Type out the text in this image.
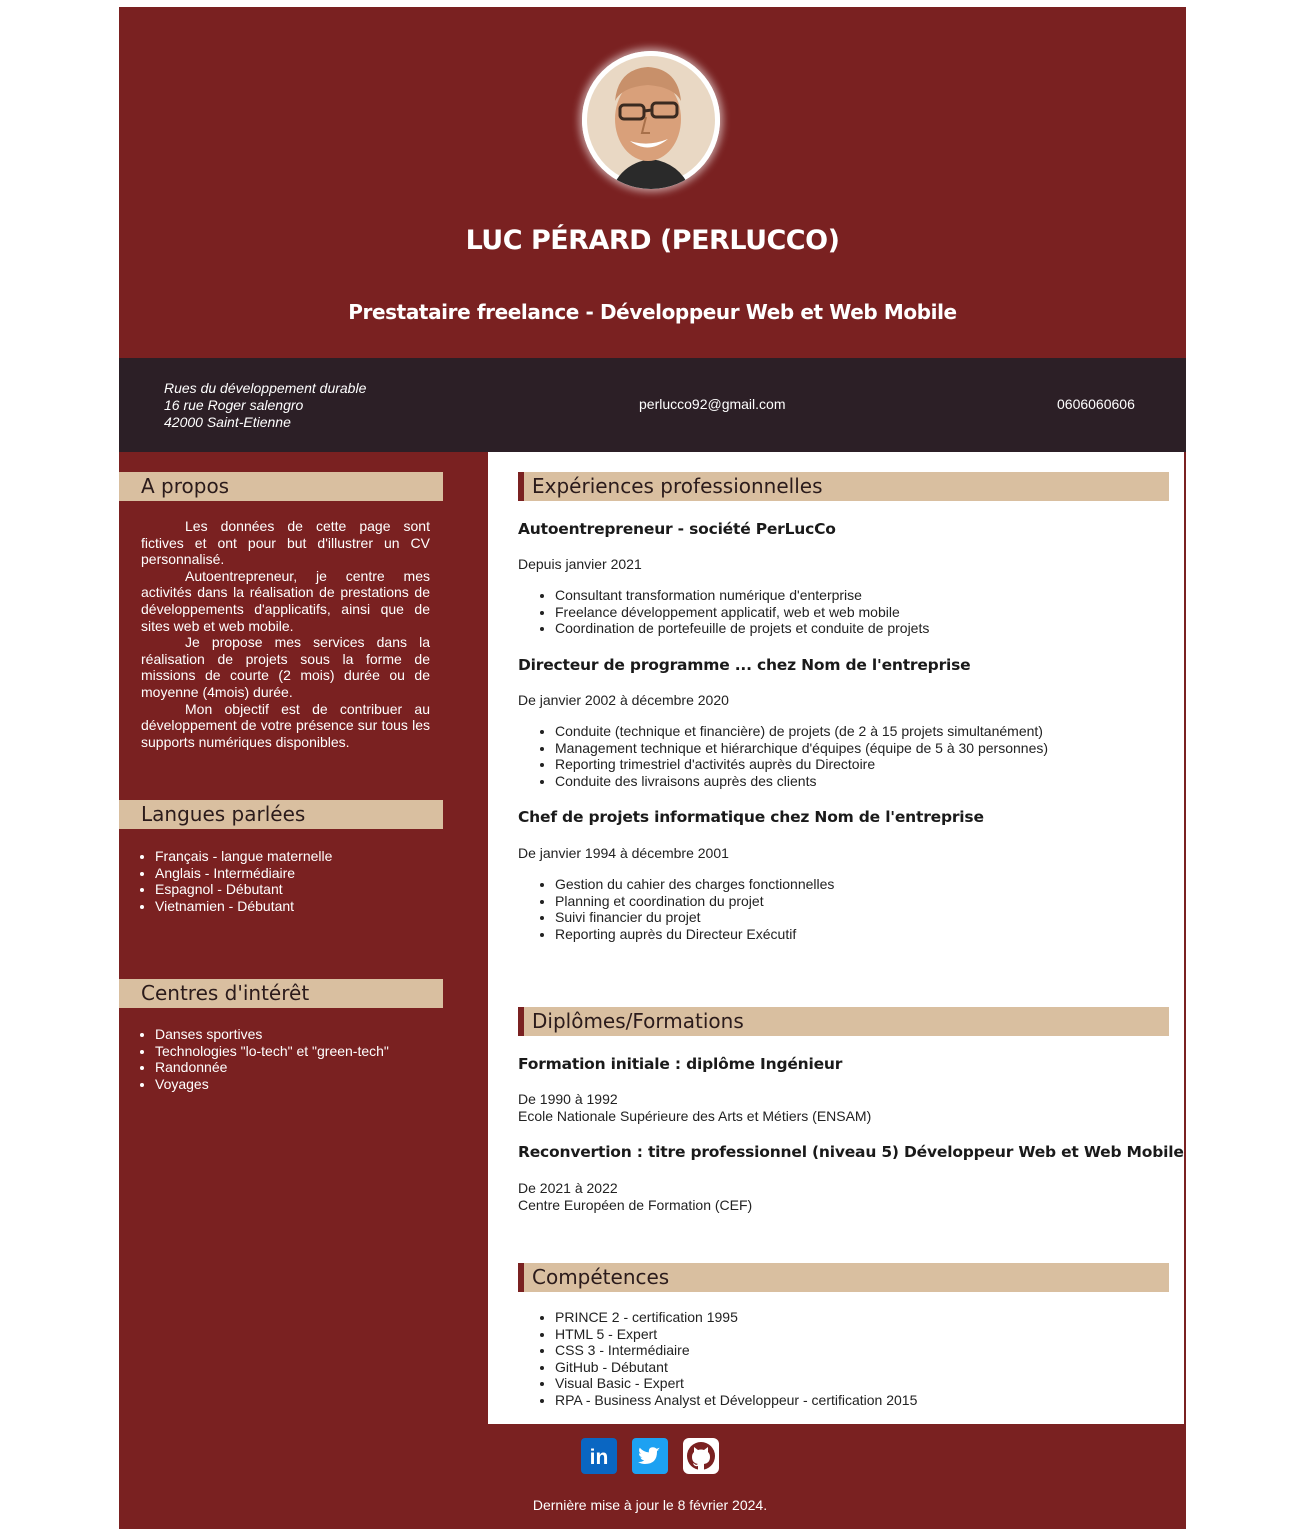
LUC PÉRARD (PERLUCCO)
Prestataire freelance - Développeur Web et Web Mobile
Rues du développement durable
16 rue Roger salengro
42000 Saint-Etienne
perlucco92@gmail.com	0606060606
A propos

Les données de cette page sont fictives et ont pour but d'illustrer un CV personnalisé.

Autoentrepreneur, je centre mes activités dans la réalisation de prestations de développements d'applicatifs, ainsi que de sites web et web mobile.

Je propose mes services dans la réalisation de projets sous la forme de missions de courte (2 mois) durée ou de moyenne (4mois) durée.

Mon objectif est de contribuer au développement de votre présence sur tous les supports numériques disponibles.

Langues parlées
• Français - langue maternelle
• Anglais - Intermédiaire
• Espagnol - Débutant
• Vietnamien - Débutant
Centres d'intérêt
• Danses sportives
• Technologies "lo-tech" et "green-tech"
• Randonnée
• Voyages
Expériences professionnelles
Autoentrepreneur - société PerLucCo
Depuis janvier 2021
• Consultant transformation numérique d'enterprise
• Freelance développement applicatif, web et web mobile
• Coordination de portefeuille de projets et conduite de projets
Directeur de programme ... chez Nom de l'entreprise
De janvier 2002 à décembre 2020
• Conduite (technique et financière) de projets (de 2 à 15 projets simultanément)
• Management technique et hiérarchique d'équipes (équipe de 5 à 30 personnes)
• Reporting trimestriel d'activités auprès du Directoire
• Conduite des livraisons auprès des clients
Chef de projets informatique chez Nom de l'entreprise
De janvier 1994 à décembre 2001
• Gestion du cahier des charges fonctionnelles
• Planning et coordination du projet
• Suivi financier du projet
• Reporting auprès du Directeur Exécutif
Diplômes/Formations
Formation initiale : diplôme Ingénieur
De 1990 à 1992
Ecole Nationale Supérieure des Arts et Métiers (ENSAM)
Reconvertion : titre professionnel (niveau 5) Développeur Web et Web Mobile
De 2021 à 2022
Centre Européen de Formation (CEF)
Compétences
• PRINCE 2 - certification 1995
• HTML 5 - Expert
• CSS 3 - Intermédiaire
• GitHub - Débutant
• Visual Basic - Expert
• RPA - Business Analyst et Développeur - certification 2015
in
Dernière mise à jour le 8 février 2024.
